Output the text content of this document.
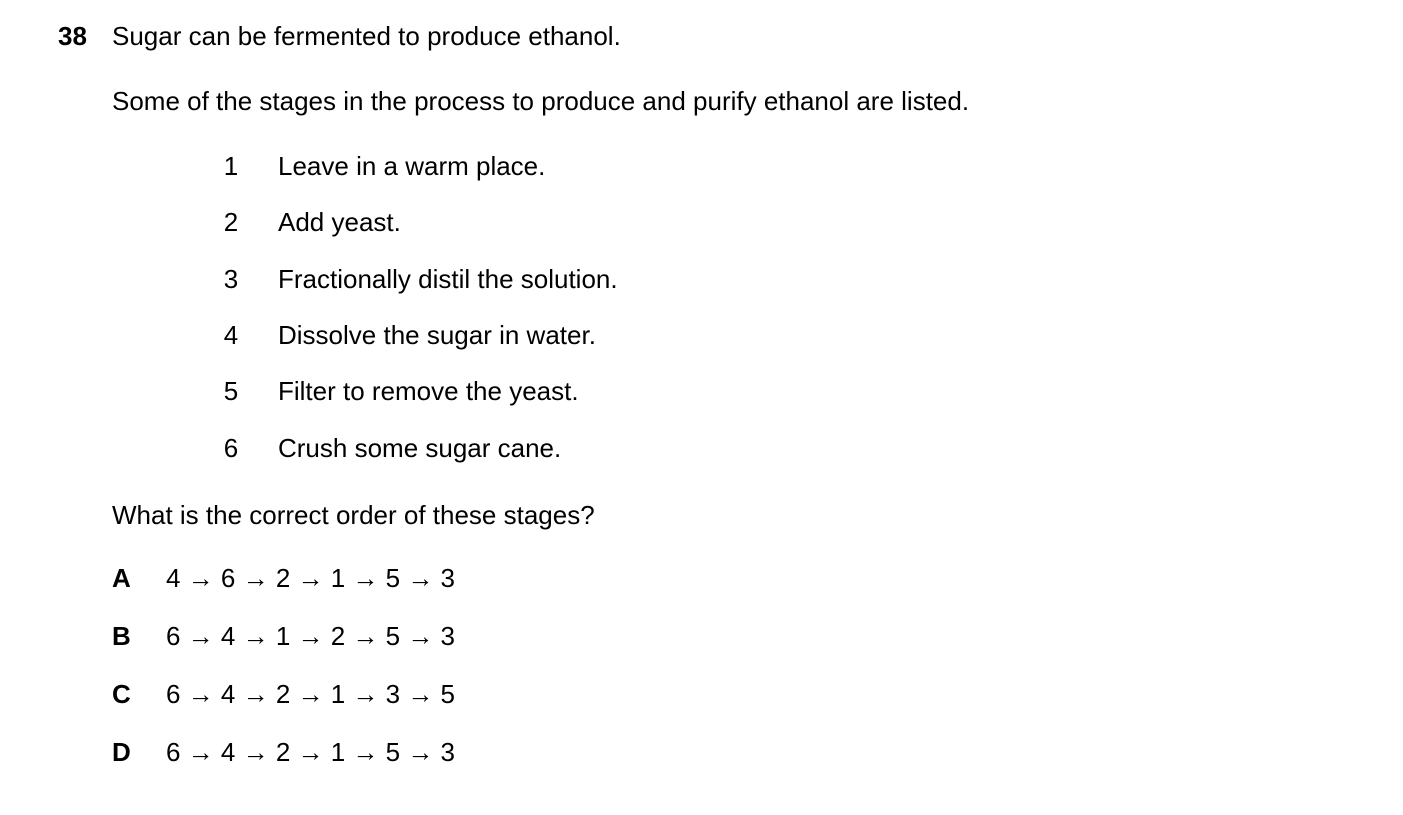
38 Sugar can be fermented to produce ethanol.
Some of the stages in the process to produce and purify ethanol are listed.
1 Leave in a warm place.
2 Add yeast.
3 Fractionally distil the solution.
4 Dissolve the sugar in water.
5 Filter to remove the yeast.
6 Crush some sugar cane.
What is the correct order of these stages?
A 4 → 6 → 2 → 1 → 5 → 3
B 6 → 4 → 1 → 2 → 5 → 3
C 6 → 4 → 2 → 1 → 3 → 5
D 6 → 4 → 2 → 1 → 5 → 3
